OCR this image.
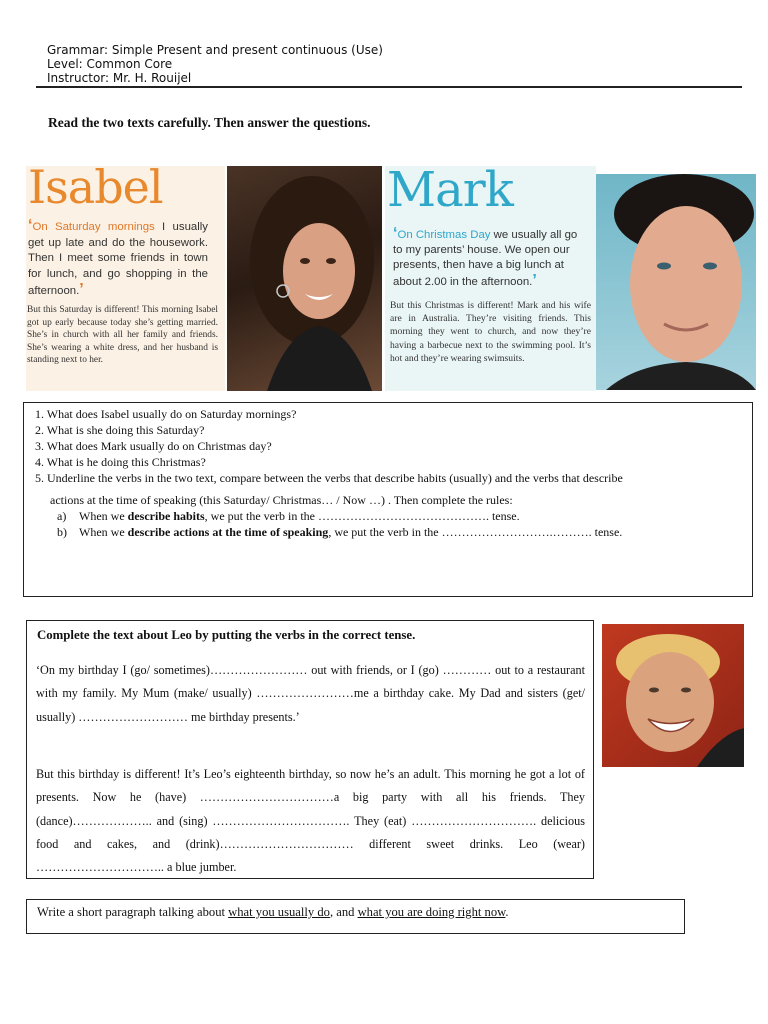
Grammar: Simple Present and present continuous (Use)
Level: Common Core
Instructor: Mr. H. Rouijel
Read the two texts carefully. Then answer the questions.
Isabel
‘On Saturday mornings I usually get up late and do the housework. Then I meet some friends in town for lunch, and go shopping in the afternoon.’
But this Saturday is different! This morning Isabel got up early because today she’s getting married. She’s in church with all her family and friends. She’s wearing a white dress, and her husband is standing next to her.
Mark
‘On Christmas Day we usually all go to my parents’ house. We open our presents, then have a big lunch at about 2.00 in the afternoon.’
But this Christmas is different! Mark and his wife are in Australia. They’re visiting friends. This morning they went to church, and now they’re having a barbecue next to the swimming pool. It’s hot and they’re wearing swimsuits.
1. What does Isabel usually do on Saturday mornings?
2. What is she doing this Saturday?
3. What does Mark usually do on Christmas day?
4. What is he doing this Christmas?
5. Underline the verbs in the two text, compare between the verbs that describe habits (usually) and the verbs that describe
actions at the time of speaking (this Saturday/ Christmas… / Now …) . Then complete the rules:
a) When we describe habits, we put the verb in the ……………………………………. tense.
b) When we describe actions at the time of speaking, we put the verb in the ……………………….………. tense.
Complete the text about Leo by putting the verbs in the correct tense.
‘On my birthday I (go/ sometimes)…………………… out with friends, or I (go) ………… out to a restaurant with my family. My Mum (make/ usually) ……………………me a birthday cake. My Dad and sisters (get/ usually) ……………………… me birthday presents.’
But this birthday is different! It’s Leo’s eighteenth birthday, so now he’s an adult. This morning he got a lot of presents. Now he (have) ……………………………a big party with all his friends. They (dance)……………….. and (sing) ……………………………. They (eat) …………………………. delicious food and cakes, and (drink)…………………………… different sweet drinks. Leo (wear) ………………………….. a blue jumber.
Write a short paragraph talking about what you usually do, and what you are doing right now.
